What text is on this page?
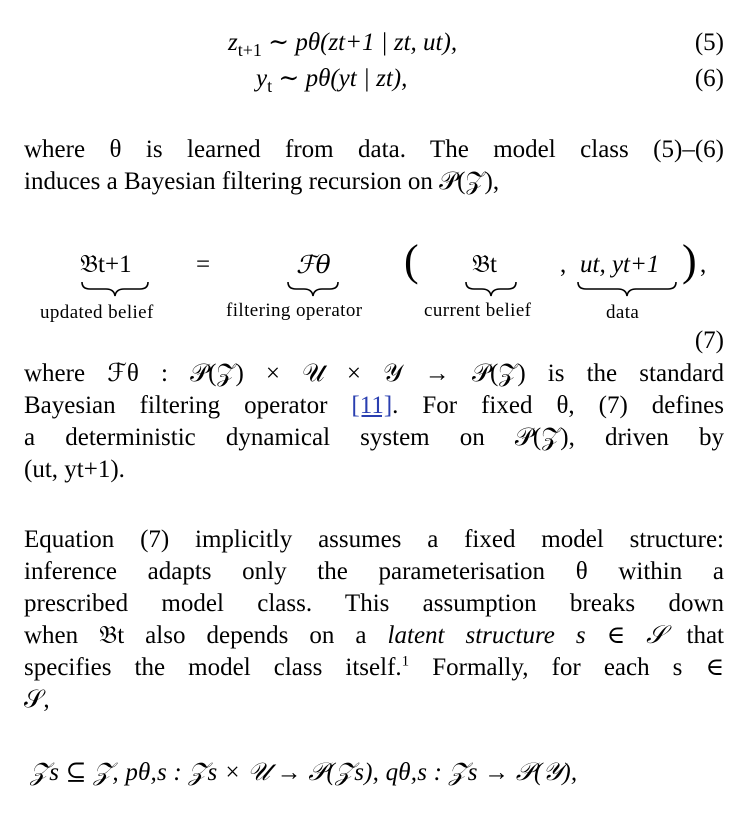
$z_{t+1}$ ∼ pθ(zt+1 | zt, ut),	(5)
$y_t$ ∼ pθ(yt | zt),	(6)
where θ is learned from data. The model class (5)–(6)
induces a Bayesian filtering recursion on 𝒫(𝒵),
𝔅t+1	=	ℱθ ( 𝔅t	, ut, yt+1 ) ,
updated belief	filtering operator	current belief	data
(7)
where ℱθ : 𝒫(𝒵) × 𝒰 × 𝒴 → 𝒫(𝒵) is the standard
Bayesian filtering operator [11]. For fixed θ, (7) defines
a deterministic dynamical system on 𝒫(𝒵), driven by
(ut, yt+1).
Equation (7) implicitly assumes a fixed model structure:
inference adapts only the parameterisation θ within a
prescribed model class. This assumption breaks down
when 𝔅t also depends on a latent structure s ∈ 𝒮 that
specifies the model class itself.$^1$ Formally, for each s ∈
𝒮,
𝒵s ⊆ 𝒵, pθ,s : 𝒵s × 𝒰 → 𝒫(𝒵s), qθ,s : 𝒵s → 𝒫(𝒴),
